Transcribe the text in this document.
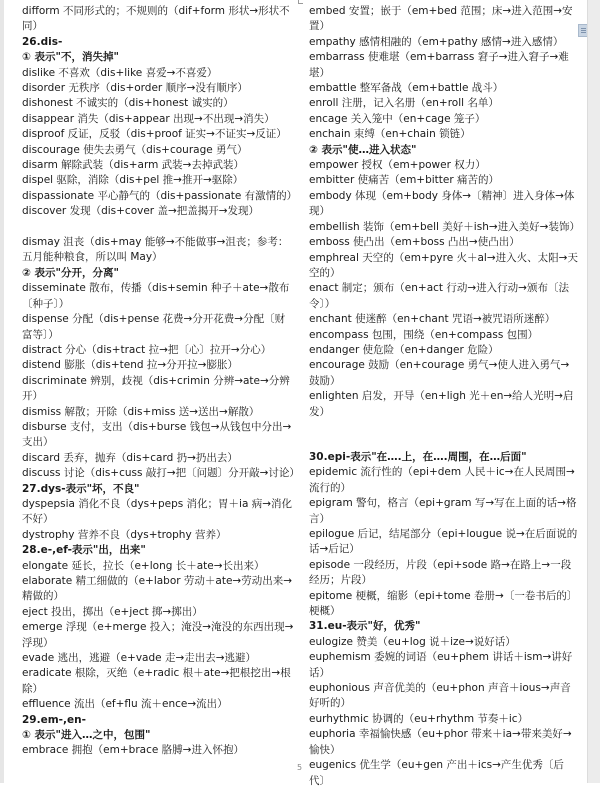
difform 不同形式的；不规则的（dif+form 形状→形状不同）
26.dis-
① 表示"不，消失掉"
dislike 不喜欢（dis+like 喜爱→不喜爱）
disorder 无秩序（dis+order 顺序→没有顺序）
dishonest 不诚实的（dis+honest 诚实的）
disappear 消失（dis+appear 出现→不出现→消失）
disproof 反证，反驳（dis+proof 证实→不证实→反证）
discourage 使失去勇气（dis+courage 勇气）
disarm 解除武装（dis+arm 武装→去掉武装）
dispel 驱除，消除（dis+pel 推→推开→驱除）
dispassionate 平心静气的（dis+passionate 有激情的）
discover 发现（dis+cover 盖→把盖揭开→发现）
dismay 沮丧（dis+may 能够→不能做事→沮丧；参考：五月能种粮食，所以叫 May）
② 表示"分开，分离"
disseminate 散布，传播（dis+semin 种子＋ate→散布〔种子〕）
dispense 分配（dis+pense 花费→分开花费→分配〔财富等〕）
distract 分心（dis+tract 拉→把〔心〕拉开→分心）
distend 膨胀（dis+tend 拉→分开拉→膨胀）
discriminate 辨别，歧视（dis+crimin 分辨→ate→分辨开）
dismiss 解散；开除（dis+miss 送→送出→解散）
disburse 支付，支出（dis+burse 钱包→从钱包中分出→支出）
discard 丢弃，抛弃（dis+card 扔→扔出去）
discuss 讨论（dis+cuss 敲打→把〔问题〕分开敲→讨论）
27.dys-表示"坏，不良"
dyspepsia 消化不良（dys+peps 消化；胃＋ia 病→消化不好）
dystrophy 营养不良（dys+trophy 营养）
28.e-,ef-表示"出，出来"
elongate 延长，拉长（e+long 长＋ate→长出来）
elaborate 精工细做的（e+labor 劳动＋ate→劳动出来→精做的）
eject 投出，掷出（e+ject 掷→掷出）
emerge 浮现（e+merge 投入；淹没→淹没的东西出现→浮现）
evade 逃出，逃避（e+vade 走→走出去→逃避）
eradicate 根除，灭绝（e+radic 根＋ate→把根挖出→根除）
effluence 流出（ef+flu 流＋ence→流出）
29.em-,en-
① 表示"进入…之中，包围"
embrace 拥抱（em+brace 胳膊→进入怀抱）
embed 安置；嵌于（em+bed 范围；床→进入范围→安置）
empathy 感情相融的（em+pathy 感情→进入感情）
embarrass 使难堪（em+barrass 窘子→进入窘子→难堪）
embattle 整军备战（em+battle 战斗）
enroll 注册，记入名册（en+roll 名单）
encage 关入笼中（en+cage 笼子）
enchain 束缚（en+chain 锁链）
② 表示"使…进入状态"
empower 授权（em+power 权力）
embitter 使痛苦（em+bitter 痛苦的）
embody 体现（em+body 身体→〔精神〕进入身体→体现）
embellish 装饰（em+bell 美好＋ish→进入美好→装饰）
emboss 使凸出（em+boss 凸出→使凸出）
emphreal 天空的（em+pyre 火＋al→进入火、太阳→天空的）
enact 制定；颁布（en+act 行动→进入行动→颁布〔法令〕）
enchant 使迷醉（en+chant 咒语→被咒语所迷醉）
encompass 包围，围绕（en+compass 包围）
endanger 使危险（en+danger 危险）
encourage 鼓励（en+courage 勇气→使人进入勇气→鼓励）
enlighten 启发，开导（en+ligh 光＋en→给人光明→启发）
30.epi-表示"在….上，在….周围，在…后面"
epidemic 流行性的（epi+dem 人民＋ic→在人民周围→流行的）
epigram 警句，格言（epi+gram 写→写在上面的话→格言）
epilogue 后记，结尾部分（epi+lougue 说→在后面说的话→后记）
episode 一段经历，片段（epi+sode 路→在路上→一段经历；片段）
epitome 梗概，缩影（epi+tome 卷册→〔一卷书后的〕梗概）
31.eu-表示"好，优秀"
eulogize 赞美（eu+log 说＋ize→说好话）
euphemism 委婉的词语（eu+phem 讲话＋ism→讲好话）
euphonious 声音优美的（eu+phon 声音＋ious→声音好听的）
eurhythmic 协调的（eu+rhythm 节奏＋ic）
euphoria 幸福愉快感（eu+phor 带来＋ia→带来美好→愉快）
eugenics 优生学（eu+gen 产出＋ics→产生优秀〔后代〕
5
